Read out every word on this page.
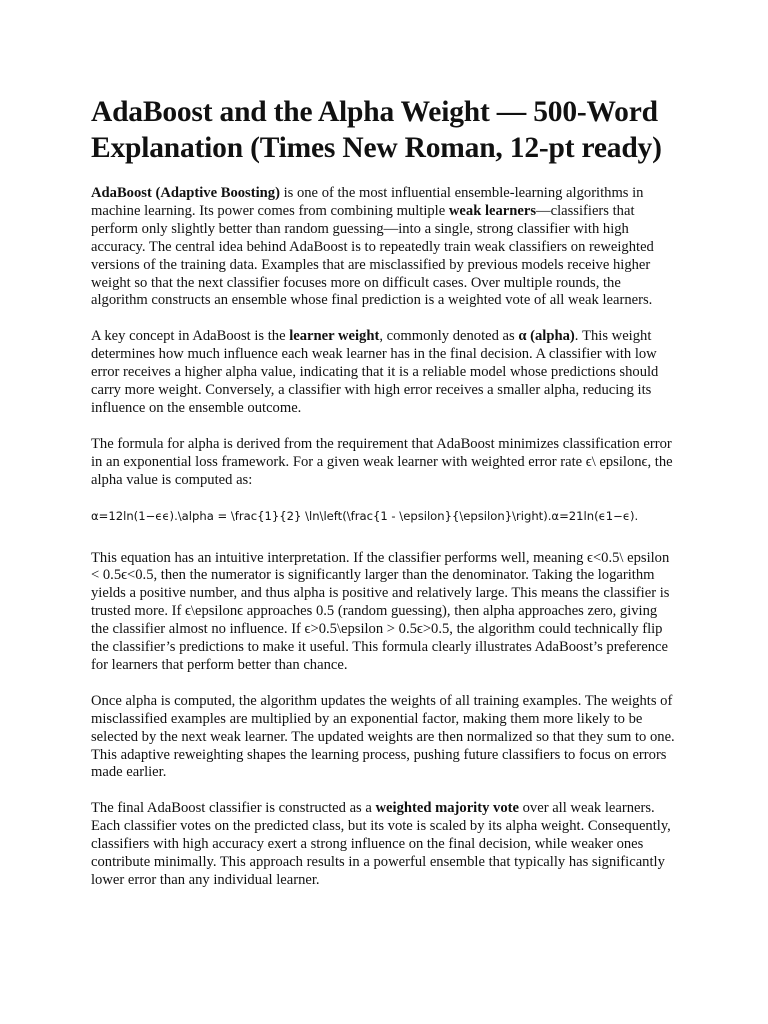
AdaBoost and the Alpha Weight — 500-Word Explanation (Times New Roman, 12-pt ready)

AdaBoost (Adaptive Boosting) is one of the most influential ensemble-learning algorithms in machine learning. Its power comes from combining multiple weak learners—classifiers that perform only slightly better than random guessing—into a single, strong classifier with high accuracy. The central idea behind AdaBoost is to repeatedly train weak classifiers on reweighted versions of the training data. Examples that are misclassified by previous models receive higher weight so that the next classifier focuses more on difficult cases. Over multiple rounds, the algorithm constructs an ensemble whose final prediction is a weighted vote of all weak learners.

A key concept in AdaBoost is the learner weight, commonly denoted as α (alpha). This weight determines how much influence each weak learner has in the final decision. A classifier with low error receives a higher alpha value, indicating that it is a reliable model whose predictions should carry more weight. Conversely, a classifier with high error receives a smaller alpha, reducing its influence on the ensemble outcome.

The formula for alpha is derived from the requirement that AdaBoost minimizes classification error in an exponential loss framework. For a given weak learner with weighted error rate ϵ\ epsilonϵ, the alpha value is computed as:

α=12ln(1−ϵϵ).\alpha = \frac{1}{2} \ln\left(\frac{1 - \epsilon}{\epsilon}\right).α=21ln(ϵ1−ϵ).

This equation has an intuitive interpretation. If the classifier performs well, meaning ϵ<0.5\ epsilon < 0.5ϵ<0.5, then the numerator is significantly larger than the denominator. Taking the logarithm yields a positive number, and thus alpha is positive and relatively large. This means the classifier is trusted more. If ϵ\epsilonϵ approaches 0.5 (random guessing), then alpha approaches zero, giving the classifier almost no influence. If ϵ>0.5\epsilon > 0.5ϵ>0.5, the algorithm could technically flip the classifier’s predictions to make it useful. This formula clearly illustrates AdaBoost’s preference for learners that perform better than chance.

Once alpha is computed, the algorithm updates the weights of all training examples. The weights of misclassified examples are multiplied by an exponential factor, making them more likely to be selected by the next weak learner. The updated weights are then normalized so that they sum to one. This adaptive reweighting shapes the learning process, pushing future classifiers to focus on errors made earlier.

The final AdaBoost classifier is constructed as a weighted majority vote over all weak learners. Each classifier votes on the predicted class, but its vote is scaled by its alpha weight. Consequently, classifiers with high accuracy exert a strong influence on the final decision, while weaker ones contribute minimally. This approach results in a powerful ensemble that typically has significantly lower error than any individual learner.
